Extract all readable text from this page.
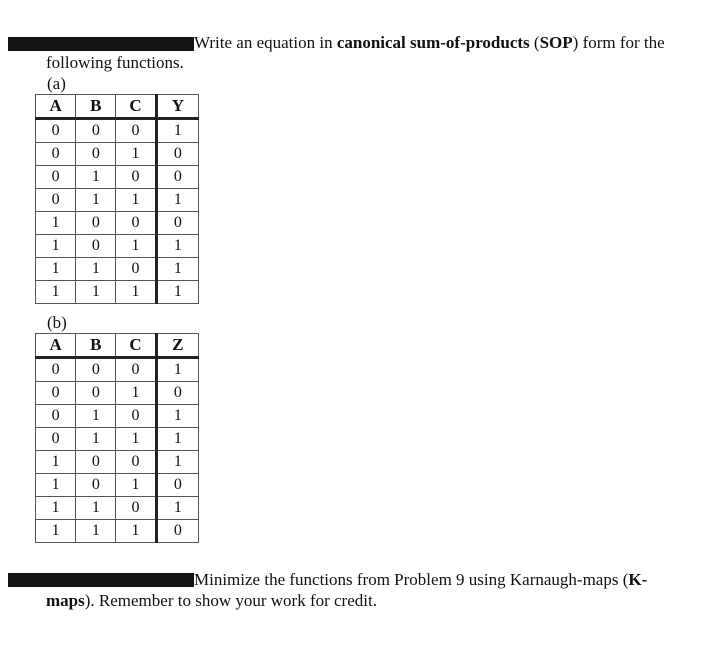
Write an equation in canonical sum-of-products (SOP) form for the
following functions.
(a)
A	B	C	Y
0	0	0	1
0	0	1	0
0	1	0	0
0	1	1	1
1	0	0	0
1	0	1	1
1	1	0	1
1	1	1	1
(b)
A	B	C	Z
0	0	0	1
0	0	1	0
0	1	0	1
0	1	1	1
1	0	0	1
1	0	1	0
1	1	0	1
1	1	1	0
Minimize the functions from Problem 9 using Karnaugh-maps (K-
maps). Remember to show your work for credit.
